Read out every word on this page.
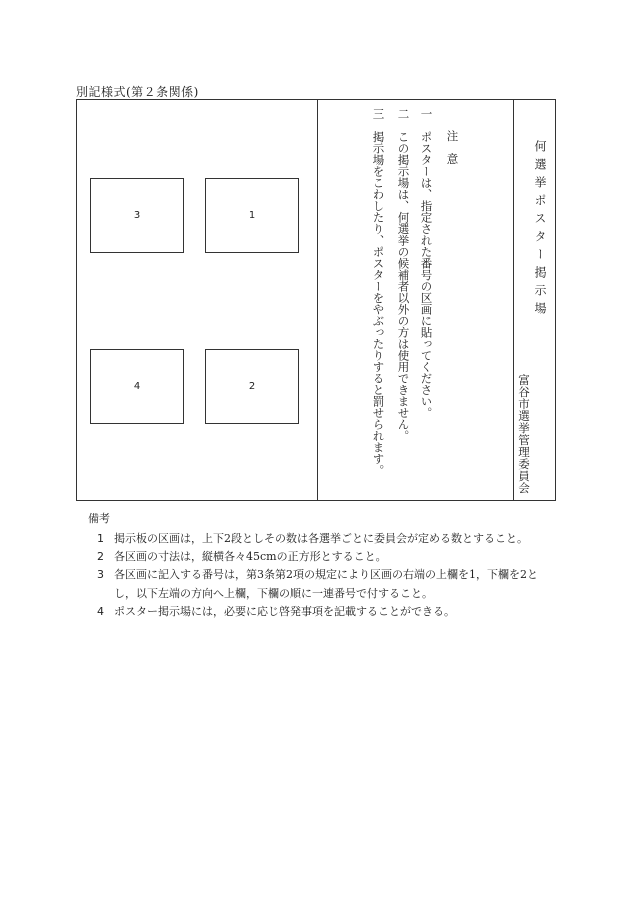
別記様式(第２条関係)
3	1
4	2
注　意
一　ポスターは、指定された番号の区画に貼ってください。
二　この掲示場は、何選挙の候補者以外の方は使用できません。
三　掲示場をこわしたり、ポスターをやぶったりすると罰せられます。	何選挙ポスター掲示場
富谷市選挙管理委員会
備考
1 掲示板の区画は，上下2段としその数は各選挙ごとに委員会が定める数とすること。
2 各区画の寸法は，縦横各々45cmの正方形とすること。
3 各区画に記入する番号は，第3条第2項の規定により区画の右端の上欄を1，下欄を2とし，以下左端の方向へ上欄，下欄の順に一連番号で付すること。
4 ポスター掲示場には，必要に応じ啓発事項を記載することができる。
